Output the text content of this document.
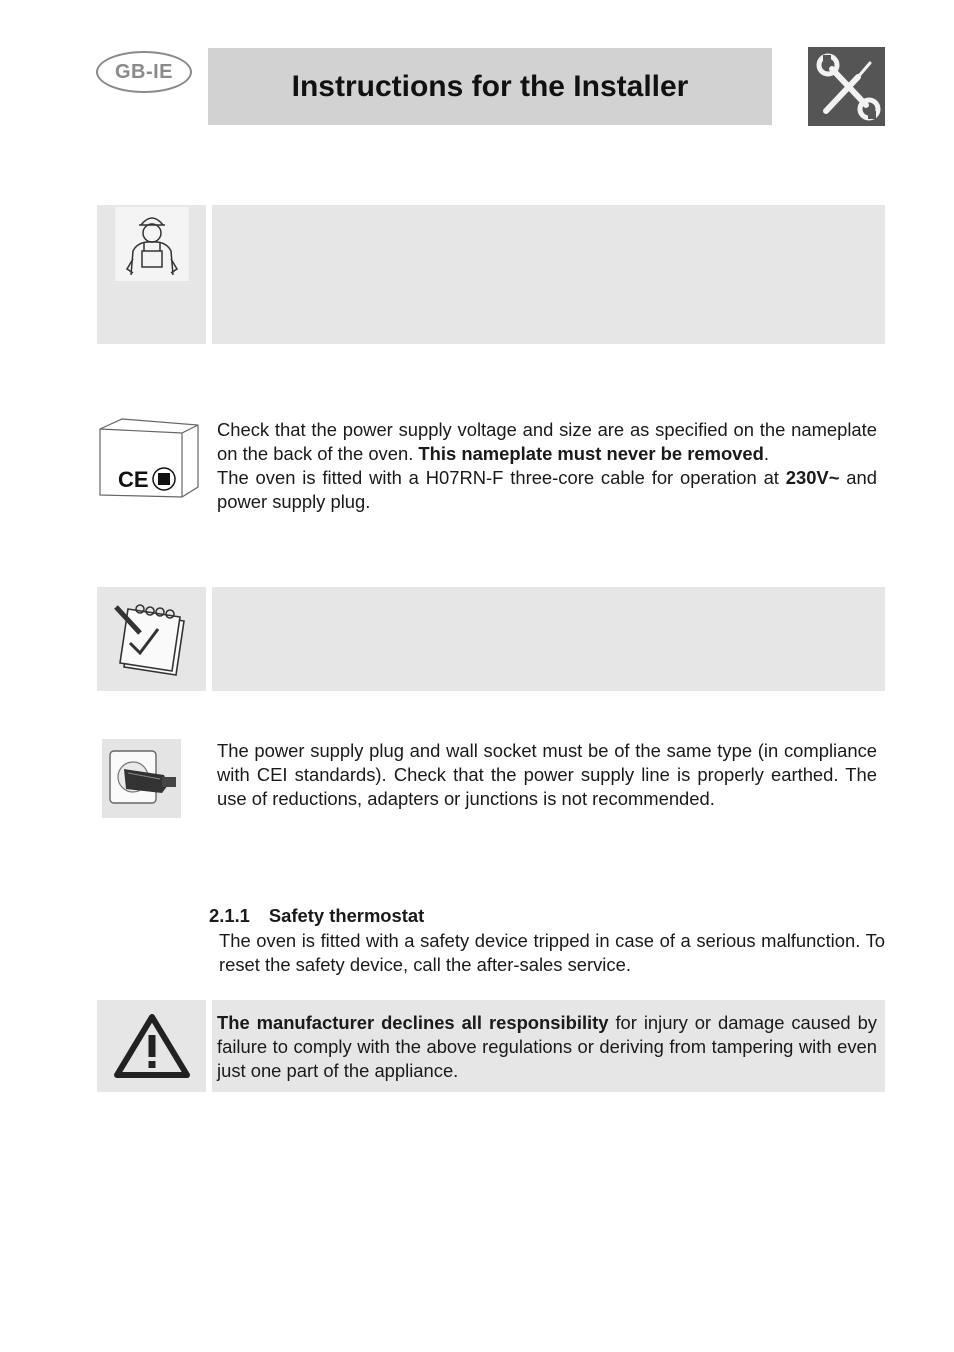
GB-IE	Instructions for the Installer
CE
Check that the power supply voltage and size are as specified on the nameplate on the back of the oven. This nameplate must never be removed.
The oven is fitted with a H07RN-F three-core cable for operation at 230V~ and power supply plug.
The power supply plug and wall socket must be of the same type (in compliance with CEI standards). Check that the power supply line is properly earthed. The use of reductions, adapters or junctions is not recommended.
2.1.1 Safety thermostat
The oven is fitted with a safety device tripped in case of a serious malfunction. To reset the safety device, call the after-sales service.
The manufacturer declines all responsibility for injury or damage caused by failure to comply with the above regulations or deriving from tampering with even just one part of the appliance.
